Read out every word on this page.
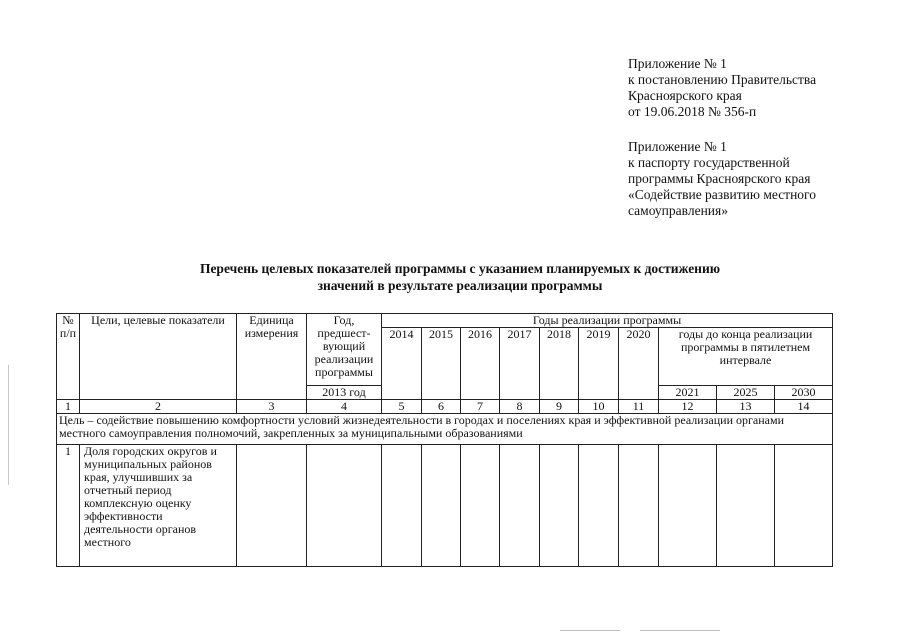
Приложение № 1
к постановлению Правительства
Красноярского края
от 19.06.2018 № 356-п
Приложение № 1
к паспорту государственной
программы Красноярского края
«Содействие развитию местного
самоуправления»
Перечень целевых показателей программы с указанием планируемых к достижению
значений в результате реализации программы
№ п/п	Цели, целевые показатели	Единица измерения	Год, предшест-вующий реализации программы	Годы реализации программы									
				2014	2015	2016	2017	2018	2019	2020	годы до конца реализации программы в пятилетнем интервале		
			2013 год								2021	2025	2030
1	2	3	4	5	6	7	8	9	10	11	12	13	14
Цель – содействие повышению комфортности условий жизнедеятельности в городах и поселениях края и эффективной реализации органами местного самоуправления полномочий, закрепленных за муниципальными образованиями													
1	Доля городских округов и муниципальных районов края, улучшивших за отчетный период комплексную оценку эффективности деятельности органов местного												
